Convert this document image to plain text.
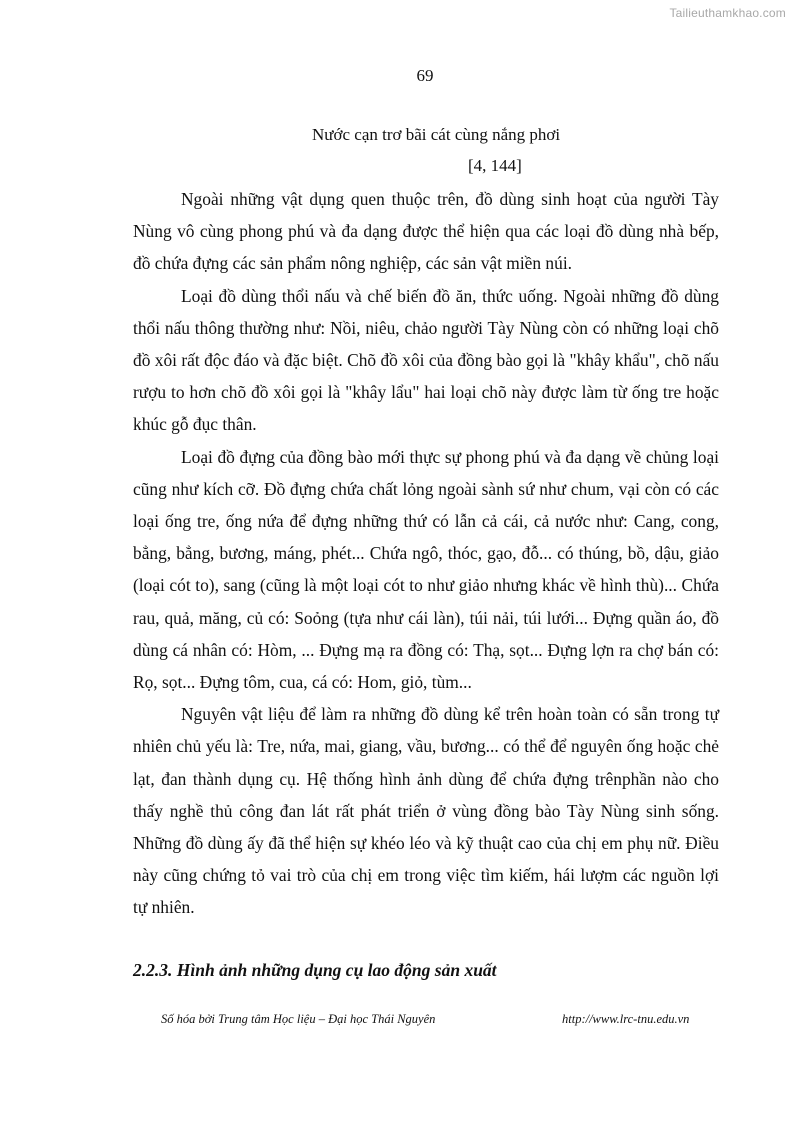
Tailieuthamkhao.com
69
Nước cạn trơ bãi cát cùng nắng phơi
[4, 144]

Ngoài những vật dụng quen thuộc trên, đồ dùng sinh hoạt của người Tày Nùng vô cùng phong phú và đa dạng được thể hiện qua các loại đồ dùng nhà bếp, đồ chứa đựng các sản phẩm nông nghiệp, các sản vật miền núi.

Loại đồ dùng thổi nấu và chế biến đồ ăn, thức uống. Ngoài những đồ dùng thổi nấu thông thường như: Nồi, niêu, chảo người Tày Nùng còn có những loại chõ đồ xôi rất độc đáo và đặc biệt. Chõ đồ xôi của đồng bào gọi là "khây khẩu", chõ nấu rượu to hơn chõ đồ xôi gọi là "khây lẩu" hai loại chõ này được làm từ ống tre hoặc khúc gỗ đục thân.

Loại đồ đựng của đồng bào mới thực sự phong phú và đa dạng về chủng loại cũng như kích cỡ. Đồ đựng chứa chất lỏng ngoài sành sứ như chum, vại còn có các loại ống tre, ống nứa để đựng những thứ có lẫn cả cái, cả nước như: Cang, cong, bẳng, bẳng, bương, máng, phét... Chứa ngô, thóc, gạo, đỗ... có thúng, bồ, dậu, giảo (loại cót to), sang (cũng là một loại cót to như giảo nhưng khác về hình thù)... Chứa rau, quả, măng, củ có: Soỏng (tựa như cái làn), túi nải, túi lưới... Đựng quần áo, đồ dùng cá nhân có: Hòm, ... Đựng mạ ra đồng có: Thạ, sọt... Đựng lợn ra chợ bán có: Rọ, sọt... Đựng tôm, cua, cá có: Hom, giỏ, tùm...

Nguyên vật liệu để làm ra những đồ dùng kể trên hoàn toàn có sẵn trong tự nhiên chủ yếu là: Tre, nứa, mai, giang, vầu, bương... có thể để nguyên ống hoặc chẻ lạt, đan thành dụng cụ. Hệ thống hình ảnh dùng để chứa đựng trênphần nào cho thấy nghề thủ công đan lát rất phát triển ở vùng đồng bào Tày Nùng sinh sống. Những đồ dùng ấy đã thể hiện sự khéo léo và kỹ thuật cao của chị em phụ nữ. Điều này cũng chứng tỏ vai trò của chị em trong việc tìm kiếm, hái lượm các nguồn lợi tự nhiên.

2.2.3. Hình ảnh những dụng cụ lao động sản xuất
Số hóa bởi Trung tâm Học liệu – Đại học Thái Nguyên	http://www.lrc-tnu.edu.vn
